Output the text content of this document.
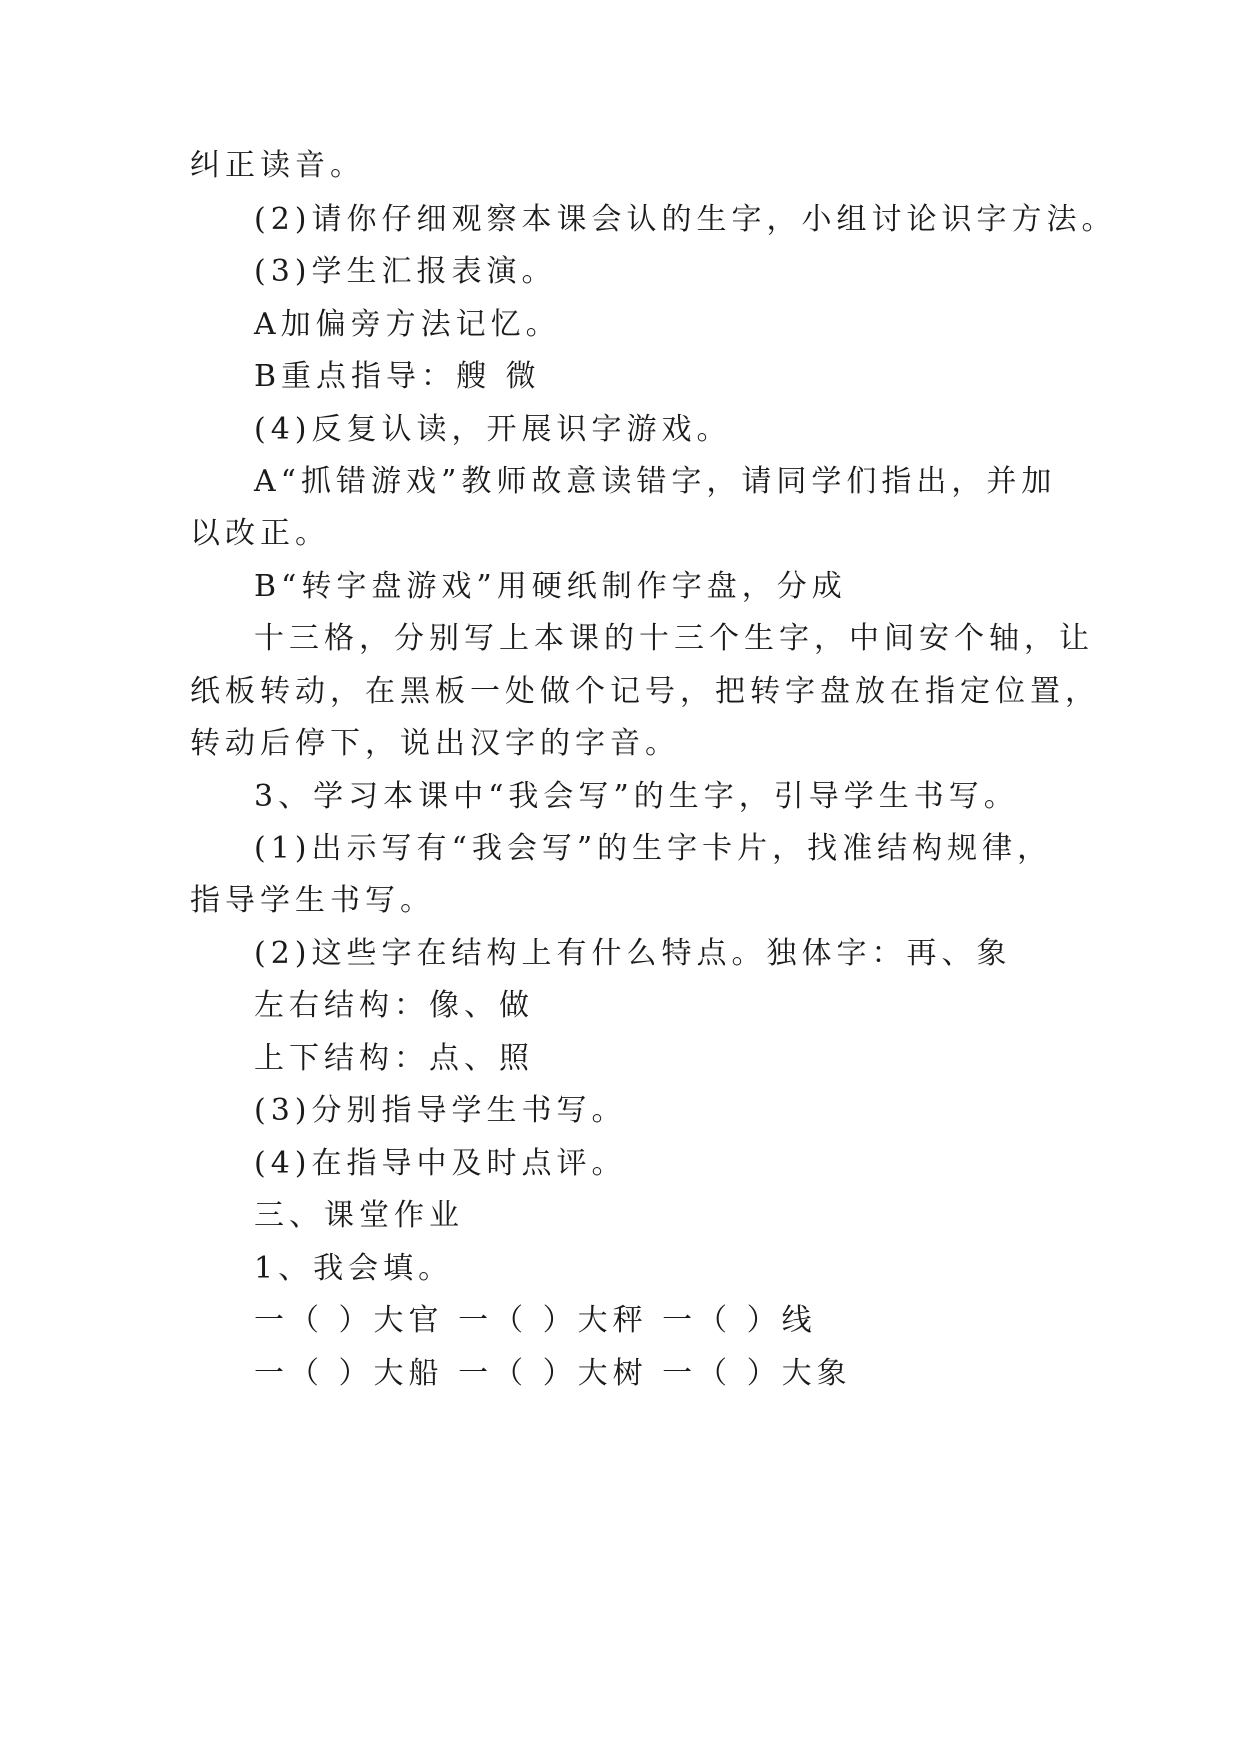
纠正读音。
(2)请你仔细观察本课会认的生字，小组讨论识字方法。
(3)学生汇报表演。
A加偏旁方法记忆。
B重点指导：艘 微
(4)反复认读，开展识字游戏。
A“抓错游戏”教师故意读错字，请同学们指出，并加
以改正。
B“转字盘游戏”用硬纸制作字盘，分成
十三格，分别写上本课的十三个生字，中间安个轴，让
纸板转动，在黑板一处做个记号，把转字盘放在指定位置，
转动后停下，说出汉字的字音。
3、学习本课中“我会写”的生字，引导学生书写。
(1)出示写有“我会写”的生字卡片，找准结构规律，
指导学生书写。
(2)这些字在结构上有什么特点。独体字：再、象
左右结构：像、做
上下结构：点、照
(3)分别指导学生书写。
(4)在指导中及时点评。
三、课堂作业
1、我会填。
一（ ）大官 一（ ）大秤 一（ ）线
一（ ）大船 一（ ）大树 一（ ）大象
